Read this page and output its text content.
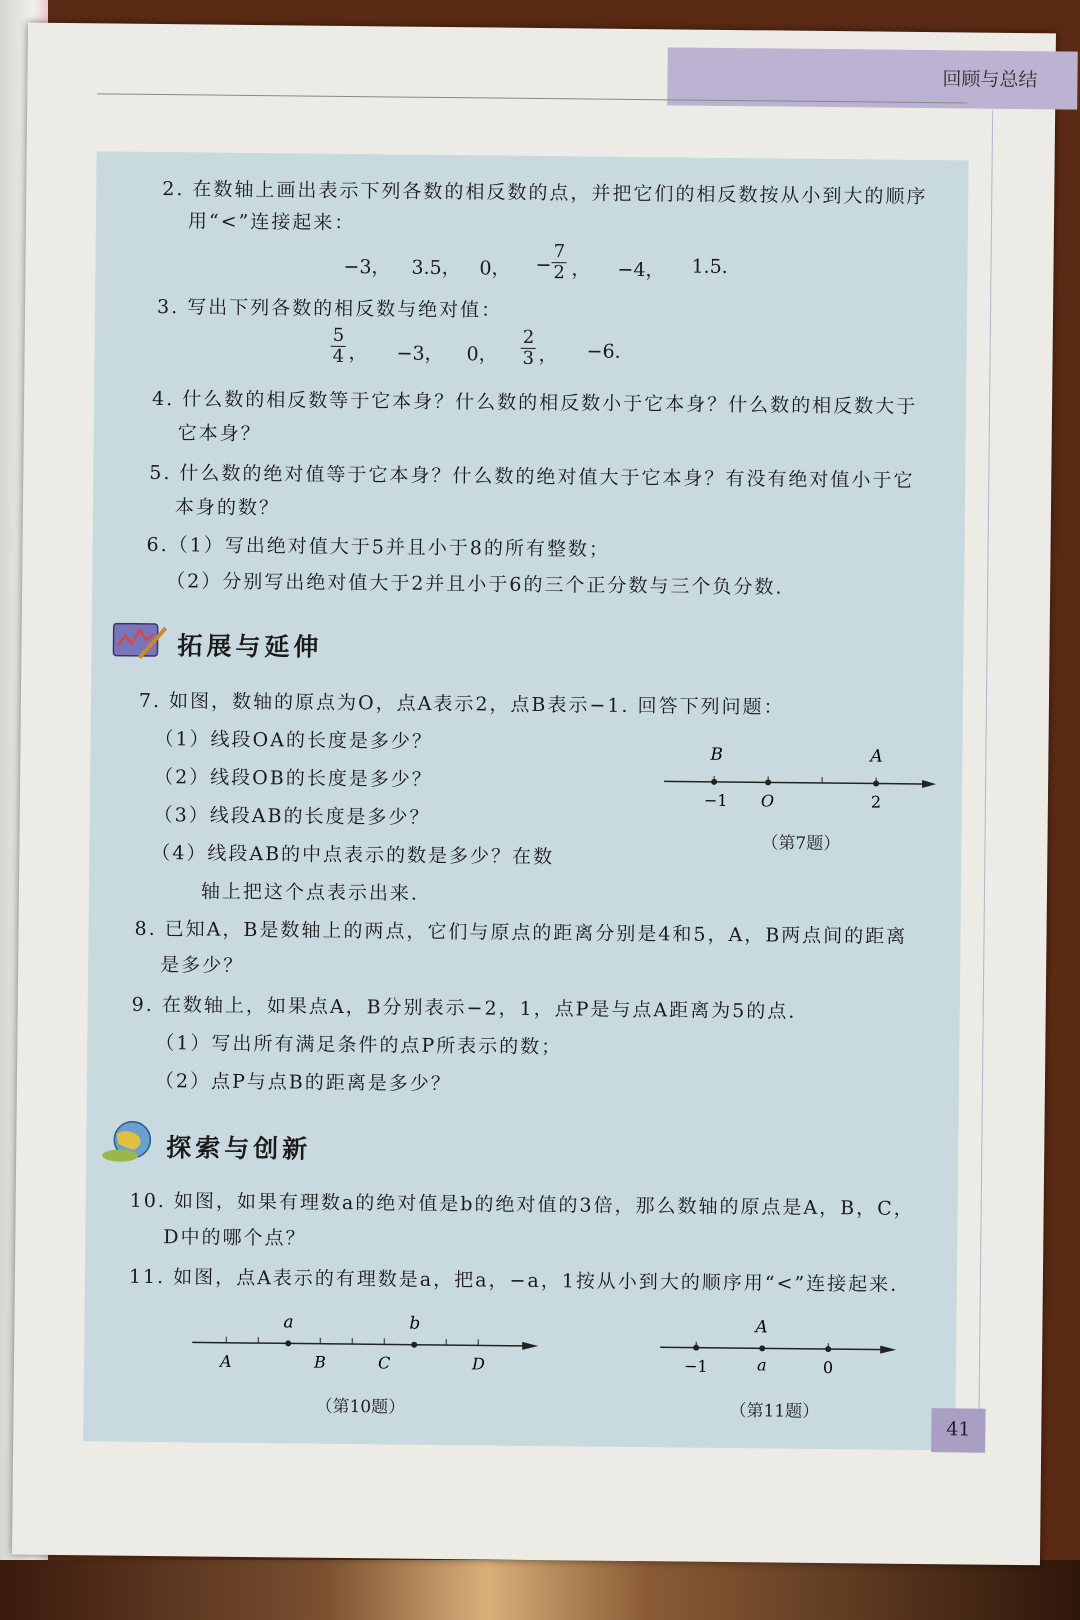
回顾与总结
2. 在数轴上画出表示下列各数的相反数的点，并把它们的相反数按从小到大的顺序
用“<”连接起来：
−3， 3.5， 0， − $\frac{7}{2}$ ， −4， 1.5.
3. 写出下列各数的相反数与绝对值：
$\frac{5}{4}$ ， −3， 0， $\frac{2}{3}$ ， −6.
4. 什么数的相反数等于它本身？什么数的相反数小于它本身？什么数的相反数大于
它本身？
5. 什么数的绝对值等于它本身？什么数的绝对值大于它本身？有没有绝对值小于它
本身的数？
6.（1）写出绝对值大于5并且小于8的所有整数；
（2）分别写出绝对值大于2并且小于6的三个正分数与三个负分数.
拓展与延伸
7. 如图，数轴的原点为O，点A表示2，点B表示−1. 回答下列问题：
（1）线段OA的长度是多少？
（2）线段OB的长度是多少？
（3）线段AB的长度是多少？
（4）线段AB的中点表示的数是多少？在数
轴上把这个点表示出来.
B	A
−1 O	2
（第7题）
8. 已知A，B是数轴上的两点，它们与原点的距离分别是4和5，A，B两点间的距离
是多少？
9. 在数轴上，如果点A，B分别表示−2，1，点P是与点A距离为5的点.
（1）写出所有满足条件的点P所表示的数；
（2）点P与点B的距离是多少？
探索与创新
10. 如图，如果有理数a的绝对值是b的绝对值的3倍，那么数轴的原点是A，B，C，
D中的哪个点？
11. 如图，点A表示的有理数是a，把a，−a，1按从小到大的顺序用“<”连接起来.
a	b
A	B	C	D
（第10题）
A
−1	a	0
（第11题）
41
